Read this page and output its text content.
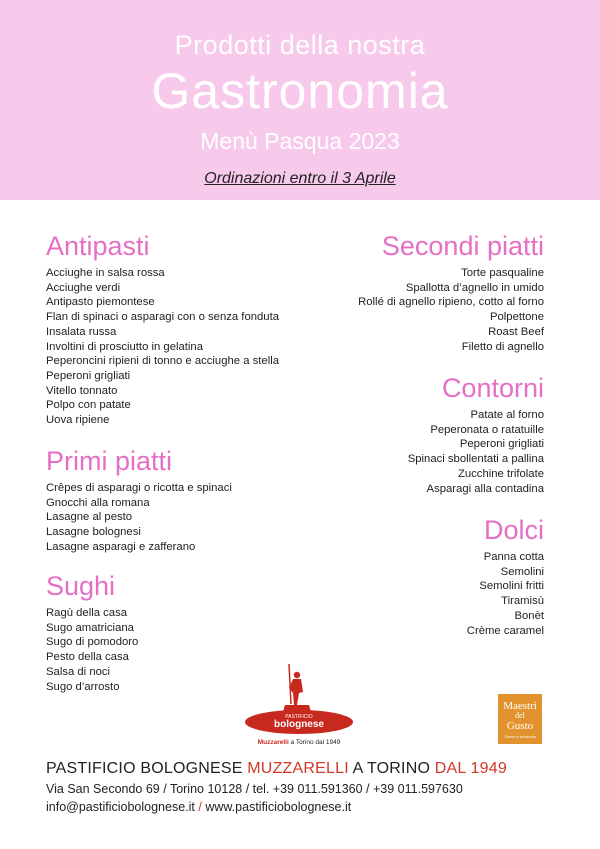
Prodotti della nostra
Gastronomia
Menù Pasqua 2023
Ordinazioni entro il 3 Aprile
Antipasti
Acciughe in salsa rossa
Acciughe verdi
Antipasto piemontese
Flan di spinaci o asparagi con o senza fonduta
Insalata russa
Involtini di prosciutto in gelatina
Peperoncini ripieni di tonno e acciughe a stella
Peperoni grigliati
Vitello tonnato
Polpo con patate
Uova ripiene
Primi piatti
Crêpes di asparagi o ricotta e spinaci
Gnocchi alla romana
Lasagne al pesto
Lasagne bolognesi
Lasagne asparagi e zafferano
Sughi
Ragù della casa
Sugo amatriciana
Sugo di pomodoro
Pesto della casa
Salsa di noci
Sugo d’arrosto
Secondi piatti
Torte pasqualine
Spallotta d’agnello in umido
Rollé di agnello ripieno, cotto al forno
Polpettone
Roast Beef
Filetto di agnello
Contorni
Patate al forno
Peperonata o ratatuille
Peperoni grigliati
Spinaci sbollentati a pallina
Zucchine trifolate
Asparagi alla contadina
Dolci
Panna cotta
Semolini
Semolini fritti
Tiramisù
Bonèt
Crème caramel
PASTIFICIO
bolognese
Muzzarelli a Torino dal 1949
Maestri
del
Gusto
Torino e provincia
PASTIFICIO BOLOGNESE MUZZARELLI A TORINO DAL 1949
Via San Secondo 69 / Torino 10128 / tel. +39 011.591360 / +39 011.597630
info@pastificiobolognese.it / www.pastificiobolognese.it
